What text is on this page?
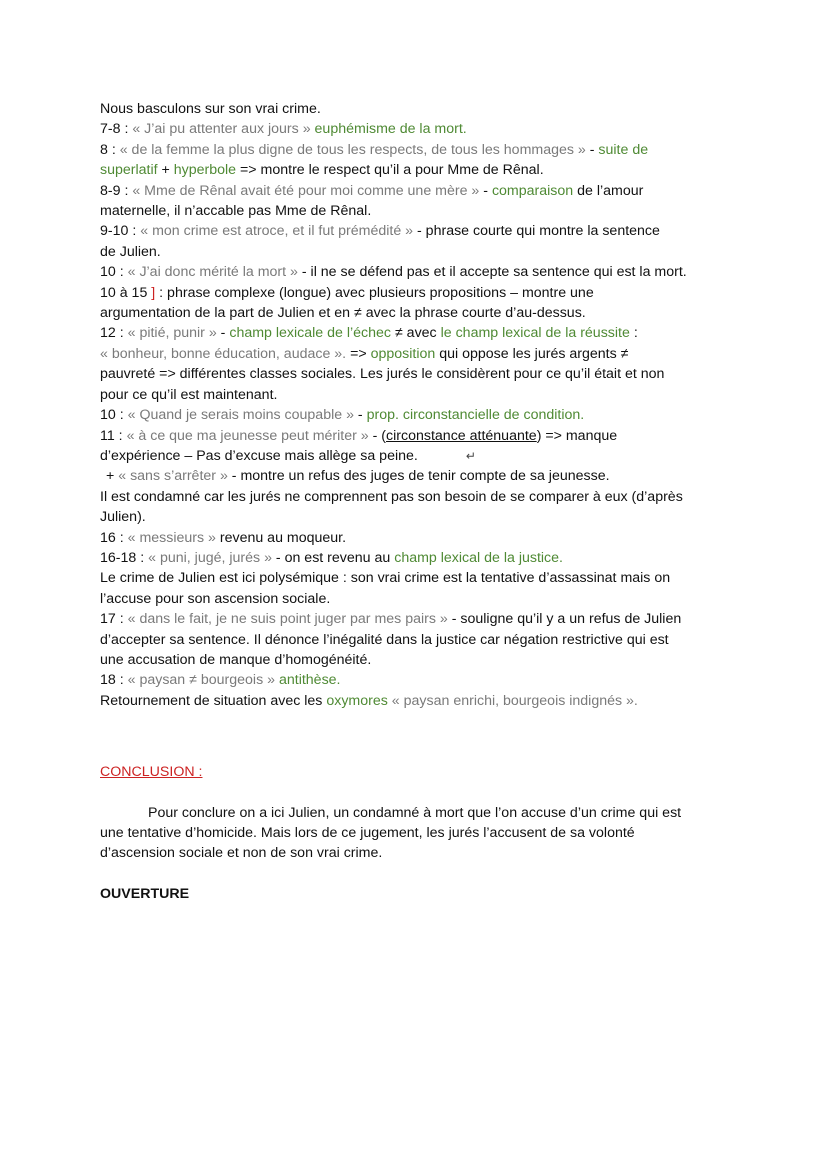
Nous basculons sur son vrai crime.
7-8 : « J’ai pu attenter aux jours » euphémisme de la mort.
8 : « de la femme la plus digne de tous les respects, de tous les hommages » - suite de
superlatif + hyperbole => montre le respect qu’il a pour Mme de Rênal.
8-9 : « Mme de Rênal avait été pour moi comme une mère » - comparaison de l’amour
maternelle, il n’accable pas Mme de Rênal.
9-10 : « mon crime est atroce, et il fut prémédité » - phrase courte qui montre la sentence
de Julien.
10 : « J’ai donc mérité la mort » - il ne se défend pas et il accepte sa sentence qui est la mort.
10 à 15 ] : phrase complexe (longue) avec plusieurs propositions – montre une
argumentation de la part de Julien et en ≠ avec la phrase courte d’au-dessus.
12 : « pitié, punir » - champ lexicale de l’échec ≠ avec le champ lexical de la réussite :
« bonheur, bonne éducation, audace ». => opposition qui oppose les jurés argents ≠
pauvreté => différentes classes sociales. Les jurés le considèrent pour ce qu’il était et non
pour ce qu’il est maintenant.
10 : « Quand je serais moins coupable » - prop. circonstancielle de condition.
11 : « à ce que ma jeunesse peut mériter » - (circonstance atténuante) => manque
d’expérience – Pas d’excuse mais allège sa peine.	↵
+ « sans s’arrêter » - montre un refus des juges de tenir compte de sa jeunesse.
Il est condamné car les jurés ne comprennent pas son besoin de se comparer à eux (d’après
Julien).
16 : « messieurs » revenu au moqueur.
16-18 : « puni, jugé, jurés » - on est revenu au champ lexical de la justice.
Le crime de Julien est ici polysémique : son vrai crime est la tentative d’assassinat mais on
l’accuse pour son ascension sociale.
17 : « dans le fait, je ne suis point juger par mes pairs » - souligne qu’il y a un refus de Julien
d’accepter sa sentence. Il dénonce l’inégalité dans la justice car négation restrictive qui est
une accusation de manque d’homogénéité.
18 : « paysan ≠ bourgeois » antithèse.
Retournement de situation avec les oxymores « paysan enrichi, bourgeois indignés ».
CONCLUSION :
Pour conclure on a ici Julien, un condamné à mort que l’on accuse d’un crime qui est
une tentative d’homicide. Mais lors de ce jugement, les jurés l’accusent de sa volonté
d’ascension sociale et non de son vrai crime.
OUVERTURE
